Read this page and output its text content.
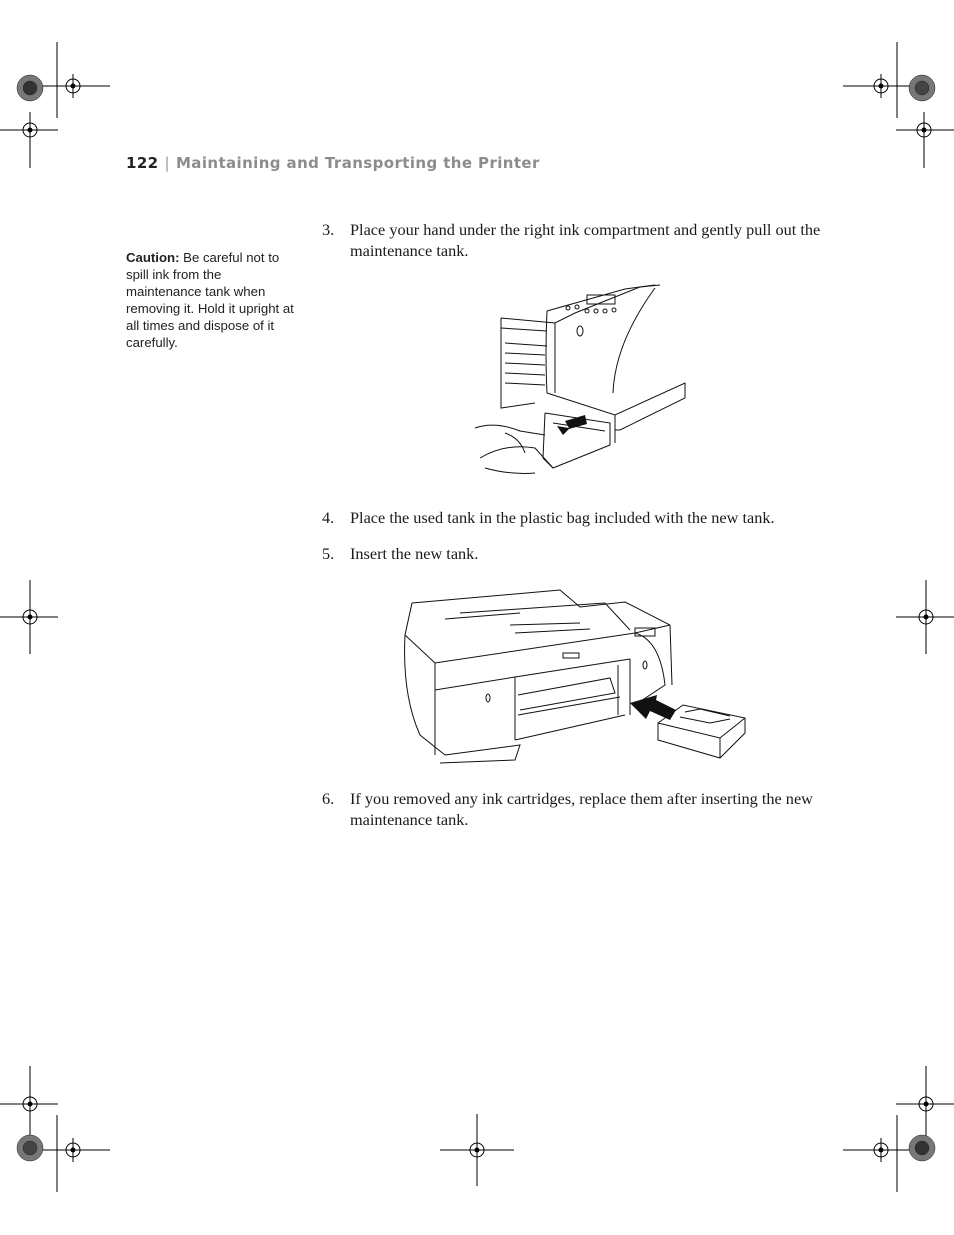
122 | Maintaining and Transporting the Printer
Caution: Be careful not to spill ink from the maintenance tank when removing it. Hold it upright at all times and dispose of it carefully.
3. Place your hand under the right ink compartment and gently pull out the maintenance tank.
4. Place the used tank in the plastic bag included with the new tank.
5. Insert the new tank.
6. If you removed any ink cartridges, replace them after inserting the new maintenance tank.
